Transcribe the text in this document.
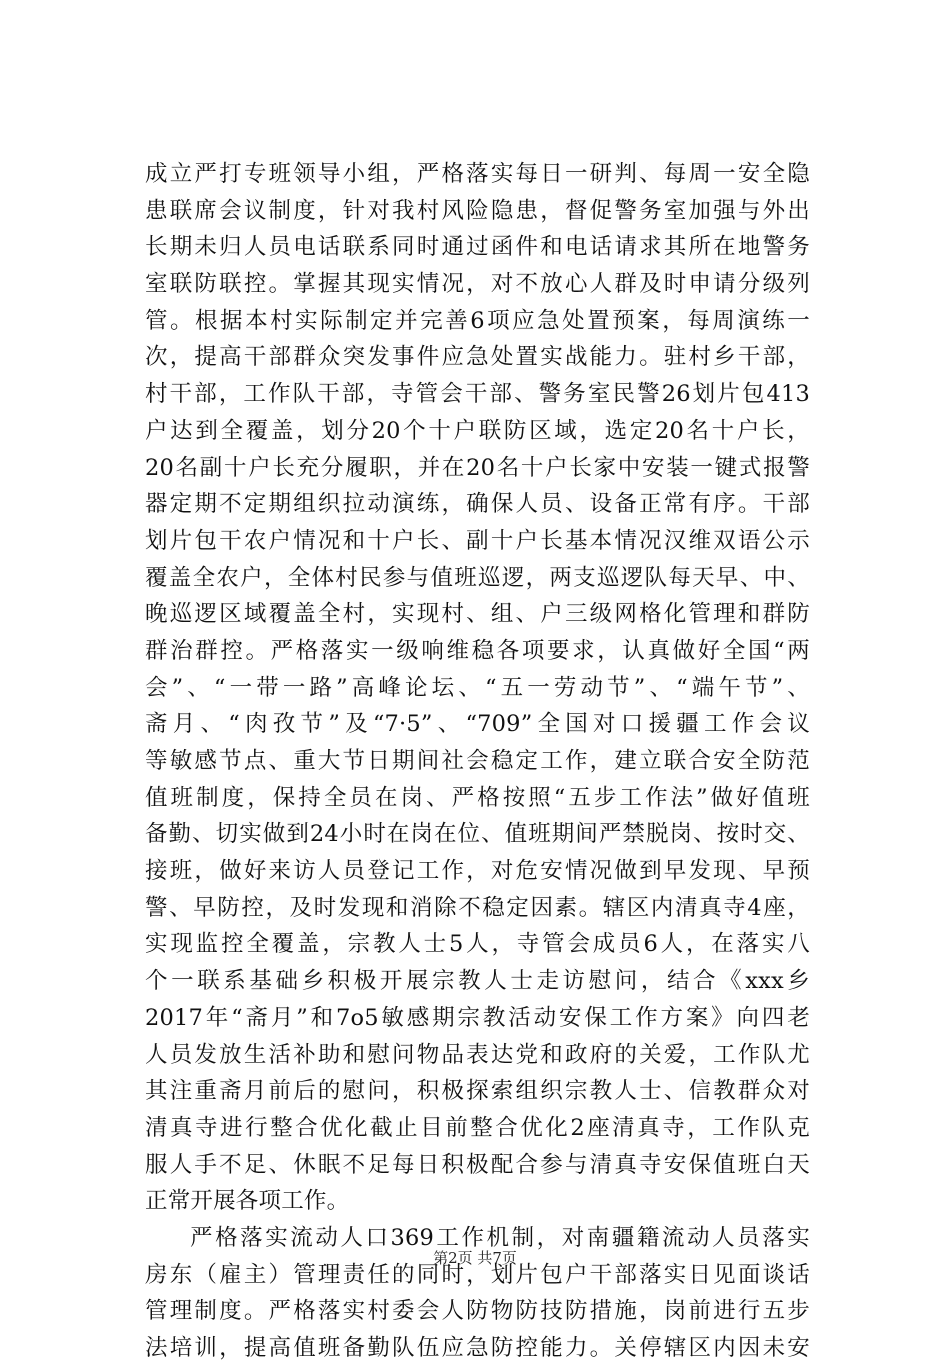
成立严打专班领导小组，严格落实每日一研判、每周一安全隐
患联席会议制度，针对我村风险隐患，督促警务室加强与外出
长期未归人员电话联系同时通过函件和电话请求其所在地警务
室联防联控。掌握其现实情况，对不放心人群及时申请分级列
管。根据本村实际制定并完善6项应急处置预案，每周演练一
次，提高干部群众突发事件应急处置实战能力。驻村乡干部，
村干部，工作队干部，寺管会干部、警务室民警26划片包413
户达到全覆盖，划分20个十户联防区域，选定20名十户长，
20名副十户长充分履职，并在20名十户长家中安装一键式报警
器定期不定期组织拉动演练，确保人员、设备正常有序。干部
划片包干农户情况和十户长、副十户长基本情况汉维双语公示
覆盖全农户，全体村民参与值班巡逻，两支巡逻队每天早、中、
晚巡逻区域覆盖全村，实现村、组、户三级网格化管理和群防
群治群控。严格落实一级响维稳各项要求，认真做好全国“两
会”、“一带一路”高峰论坛、“五一劳动节”、“端午节”、
斋月、“肉孜节”及“7·5”、“709”全国对口援疆工作会议
等敏感节点、重大节日期间社会稳定工作，建立联合安全防范
值班制度，保持全员在岗、严格按照“五步工作法”做好值班
备勤、切实做到24小时在岗在位、值班期间严禁脱岗、按时交、
接班，做好来访人员登记工作，对危安情况做到早发现、早预
警、早防控，及时发现和消除不稳定因素。辖区内清真寺4座，
实现监控全覆盖，宗教人士5人，寺管会成员6人，在落实八
个一联系基础乡积极开展宗教人士走访慰问，结合《xxx乡
2017年“斋月”和7o5敏感期宗教活动安保工作方案》向四老
人员发放生活补助和慰问物品表达党和政府的关爱，工作队尤
其注重斋月前后的慰问，积极探索组织宗教人士、信教群众对
清真寺进行整合优化截止目前整合优化2座清真寺，工作队克
服人手不足、休眠不足每日积极配合参与清真寺安保值班白天
正常开展各项工作。
严格落实流动人口369工作机制，对南疆籍流动人员落实
房东（雇主）管理责任的同时，划片包户干部落实日见面谈话
管理制度。严格落实村委会人防物防技防措施，岗前进行五步
法培训，提高值班备勤队伍应急防控能力。关停辖区内因未安
第2页 共7页
